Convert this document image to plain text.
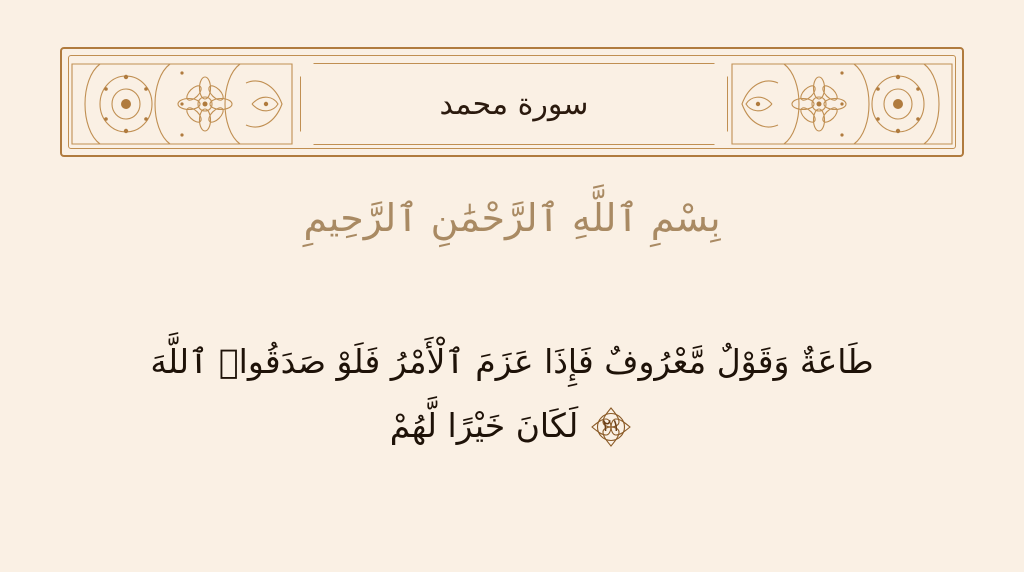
سورة محمد
بِسْمِ ٱللَّهِ ٱلرَّحْمَٰنِ ٱلرَّحِيمِ
طَاعَةٌ وَقَوْلٌ مَّعْرُوفٌ فَإِذَا عَزَمَ ٱلْأَمْرُ فَلَوْ صَدَقُوا۟ ٱللَّهَ
٢١
لَكَانَ خَيْرًا لَّهُمْ
